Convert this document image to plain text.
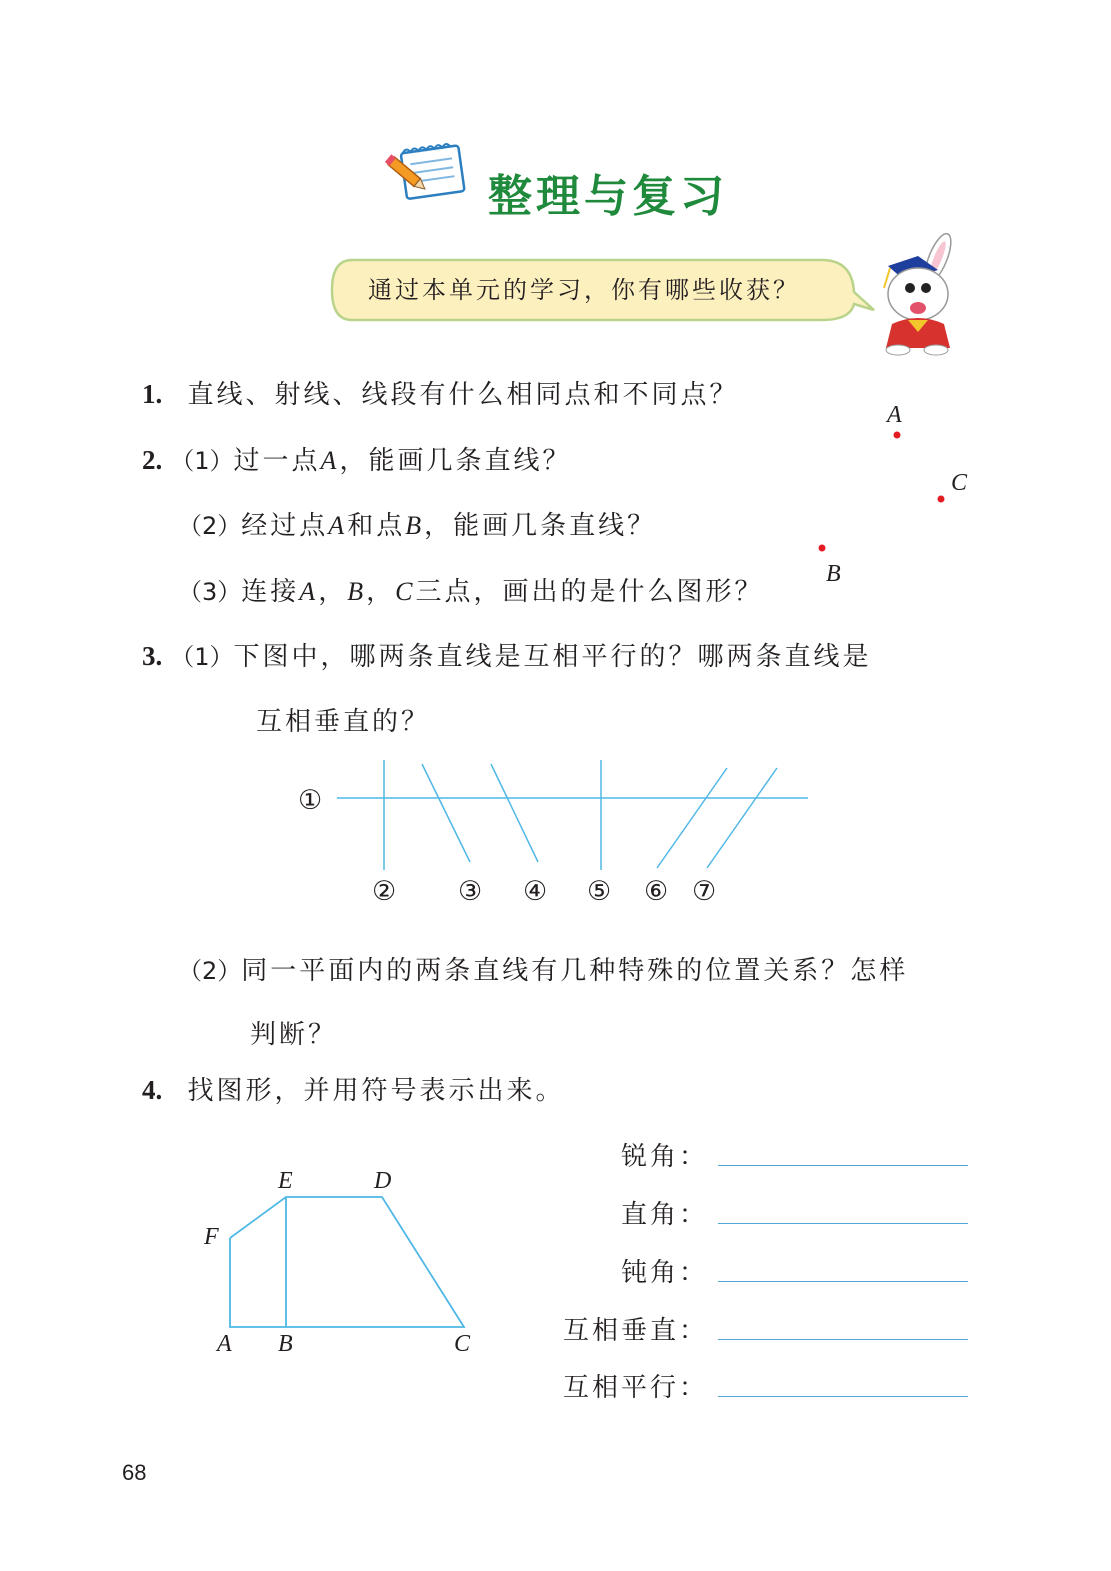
整理与复习
通过本单元的学习，你有哪些收获？
1. 直线、射线、线段有什么相同点和不同点？
2. （1）过一点A，能画几条直线？
（2）经过点A和点B，能画几条直线？
（3）连接A，B，C三点，画出的是什么图形？
A
C
B
3. （1）下图中，哪两条直线是互相平行的？哪两条直线是
互相垂直的？
①
② ③ ④ ⑤ ⑥ ⑦
（2）同一平面内的两条直线有几种特殊的位置关系？怎样
判断？
4. 找图形，并用符号表示出来。
E	D
F
A B	C
锐角：
直角：
钝角：
互相垂直：
互相平行：
68
